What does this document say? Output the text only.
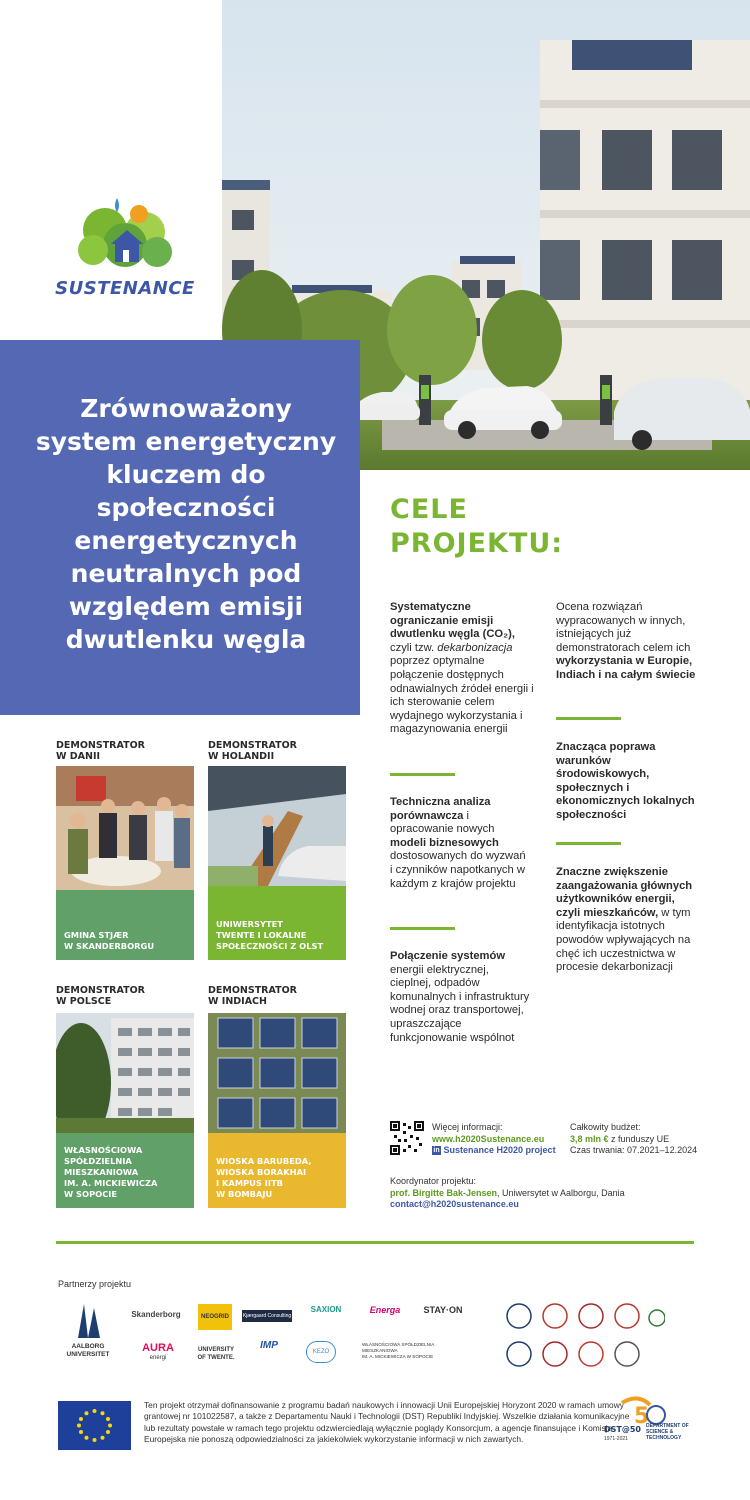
SUSTENANCE
Zrównoważony system energetyczny kluczem do społeczności energetycznych neutralnych pod względem emisji dwutlenku węgla
CELE
PROJEKTU:
Systematyczne ograniczanie emisji dwutlenku węgla (CO₂), czyli tzw. dekarbonizacja poprzez optymalne połączenie dostępnych odnawialnych źródeł energii i ich sterowanie celem wydajnego wykorzystania i magazynowania energii
Techniczna analiza porównawcza i opracowanie nowych modeli biznesowych dostosowanych do wyzwań i czynników napotkanych w każdym z krajów projektu
Połączenie systemów energii elektrycznej, cieplnej, odpadów komunalnych i infrastruktury wodnej oraz transportowej, upraszczające funkcjonowanie wspólnot
Ocena rozwiązań wypracowanych w innych, istniejących już demonstratorach celem ich wykorzystania w Europie, Indiach i na całym świecie
Znacząca poprawa warunków środowiskowych, społecznych i ekonomicznych lokalnych społeczności
Znaczne zwiększenie zaangażowania głównych użytkowników energii, czyli mieszkańców, w tym identyfikacja istotnych powodów wpływających na chęć ich uczestnictwa w procesie dekarbonizacji
DEMONSTRATOR
W DANII
GMINA STJÆR
W SKANDERBORGU
DEMONSTRATOR
W HOLANDII
UNIWERSYTET
TWENTE I LOKALNE
SPOŁECZNOŚCI Z OLST
DEMONSTRATOR
W POLSCE
WŁASNOŚCIOWA
SPÓŁDZIELNIA
MIESZKANIOWA
IM. A. MICKIEWICZA
W SOPOCIE
DEMONSTRATOR
W INDIACH
WIOSKA BARUBEDA,
WIOSKA BORAKHAI
I KAMPUS IITB
W BOMBAJU
Więcej informacji:
www.h2020Sustenance.eu
in Sustenance H2020 project
Całkowity budżet:
3,8 mln € z funduszy UE
Czas trwania: 07.2021–12.2024
Koordynator projektu:
prof. Birgitte Bak-Jensen, Uniwersytet w Aalborgu, Dania
contact@h2020sustenance.eu
Partnerzy projektu
AALBORG
UNIVERSITET
Skanderborg	NEOGRID	Kjærgaard Consulting
SAXION	Energa	STAY·ON
AURA
energi
UNIVERSITY
OF TWENTE.
IMP
KEZO
WŁASNOŚCIOWA SPÓŁDZIELNIA
MIESZKANIOWA
IM. A. MICKIEWICZA W SOPOCIE
Ten projekt otrzymał dofinansowanie z programu badań naukowych i innowacji Unii Europejskiej Horyzont 2020 w ramach umowy grantowej nr 101022587, a także z Departamentu Nauki i Technologii (DST) Republiki Indyjskiej. Wszelkie działania komunikacyjne lub rezultaty powstałe w ramach tego projektu odzwierciedlają wyłącznie poglądy Konsorcjum, a agencje finansujące i Komisja Europejska nie ponoszą odpowiedzialności za jakiekolwiek wykorzystanie informacji w nich zawartych.
5
DST@50
1971-2021
DEPARTMENT OF SCIENCE & TECHNOLOGY
